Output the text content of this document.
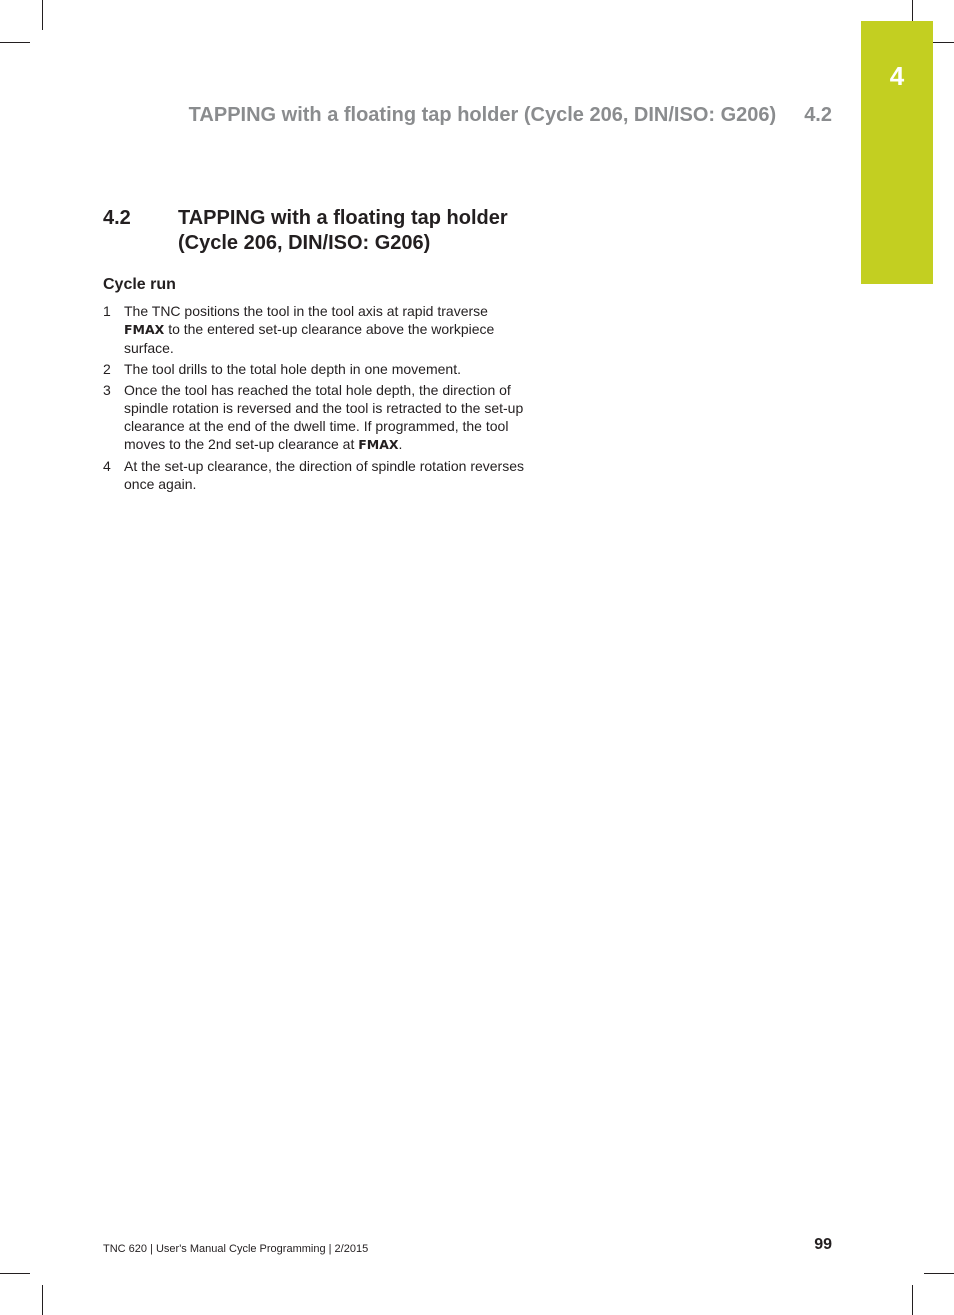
4
TAPPING with a floating tap holder (Cycle 206, DIN/ISO: G206) 4.2
4.2 TAPPING with a floating tap holder
(Cycle 206, DIN/ISO: G206)
Cycle run
1 The TNC positions the tool in the tool axis at rapid traverse
FMAX to the entered set-up clearance above the workpiece surface.
2 The tool drills to the total hole depth in one movement.
3 Once the tool has reached the total hole depth, the direction of spindle rotation is reversed and the tool is retracted to the set-up clearance at the end of the dwell time. If programmed, the tool moves to the 2nd set-up clearance at FMAX.
4 At the set-up clearance, the direction of spindle rotation reverses once again.
TNC 620 | User's Manual Cycle Programming | 2/2015	99
